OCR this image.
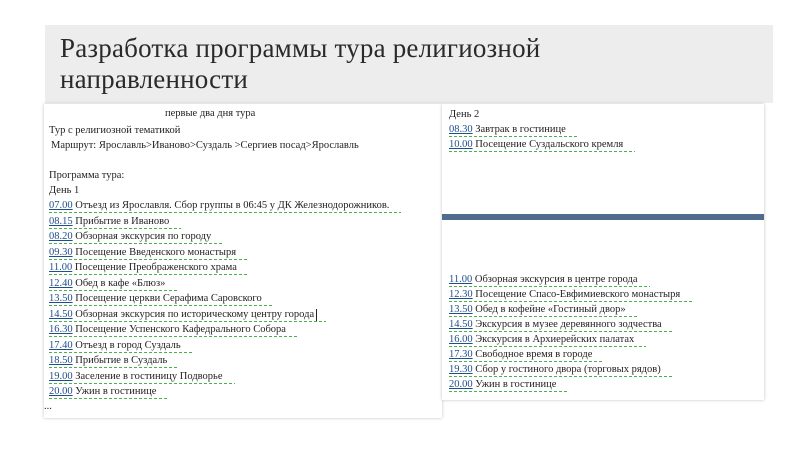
Разработка программы тура религиозной
направленности
первые два дня тура
Тур с религиозной тематикой
Маршрут: Ярославль>Иваново>Суздаль >Сергиев посад>Ярославль
Программа тура:
День 1
...
День 2
07.00 Отъезд из Ярославля. Сбор группы в 06:45 у ДК Железнодорожников.
08.15 Прибытие в Иваново
08.20 Обзорная экскурсия по городу
09.30 Посещение Введенского монастыря
11.00 Посещение Преображенского храма
12.40 Обед в кафе «Блюз»
13.50 Посещение церкви Серафима Саровского
14.50 Обзорная экскурсия по историческому центру города
16.30 Посещение Успенского Кафедрального Собора
17.40 Отъезд в город Суздаль
18.50 Прибытие в Суздаль
19.00 Заселение в гостиницу Подворье
20.00 Ужин в гостинице
08.30 Завтрак в гостинице
10.00 Посещение Суздальского кремля
11.00 Обзорная экскурсия в центре города
12.30 Посещение Спасо-Евфимиевского монастыря
13.50 Обед в кофейне «Гостиный двор»
14.50 Экскурсия в музее деревянного зодчества
16.00 Экскурсия в Архиерейских палатах
17.30 Свободное время в городе
19.30 Сбор у гостиного двора (торговых рядов)
20.00 Ужин в гостинице
